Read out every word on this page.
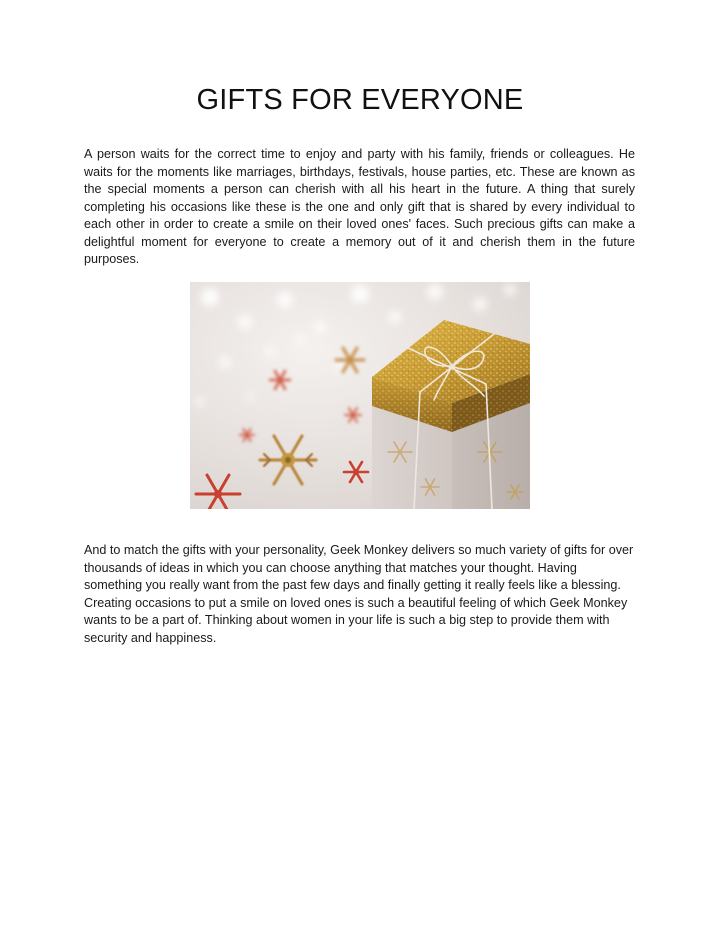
GIFTS FOR EVERYONE

A person waits for the correct time to enjoy and party with his family, friends or colleagues. He waits for the moments like marriages, birthdays, festivals, house parties, etc. These are known as the special moments a person can cherish with all his heart in the future. A thing that surely completing his occasions like these is the one and only gift that is shared by every individual to each other in order to create a smile on their loved ones' faces. Such precious gifts can make a delightful moment for everyone to create a memory out of it and cherish them in the future purposes.

And to match the gifts with your personality, Geek Monkey delivers so much variety of gifts for over thousands of ideas in which you can choose anything that matches your thought. Having something you really want from the past few days and finally getting it really feels like a blessing. Creating occasions to put a smile on loved ones is such a beautiful feeling of which Geek Monkey wants to be a part of. Thinking about women in your life is such a big step to provide them with security and happiness.
